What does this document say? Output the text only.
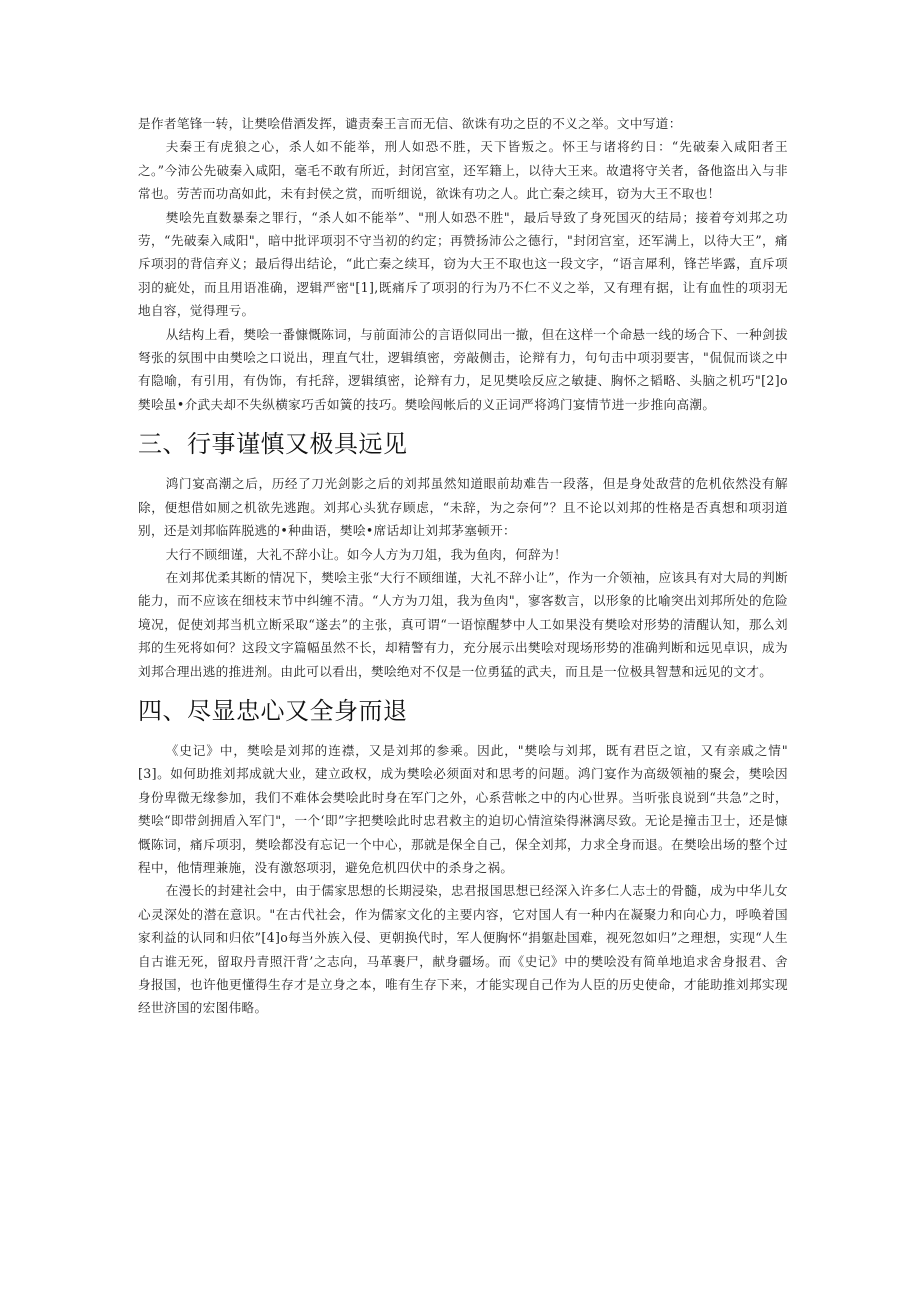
是作者笔锋一转，让樊哙借酒发挥，谴责秦王言而无信、欲诛有功之臣的不义之举。文中写道：

夫秦王有虎狼之心，杀人如不能举，刑人如恐不胜，天下皆叛之。怀王与诸将约日：“先破秦入咸阳者王之。”今沛公先破秦入咸阳，毫毛不敢有所近，封闭宫室，还军籍上，以待大王来。故遣将守关者，备他盗出入与非常也。劳苦而功高如此，未有封侯之赏，而听细说，欲诛有功之人。此亡秦之续耳，窃为大王不取也！

樊哙先直数暴秦之罪行，“杀人如不能举”、"刑人如恐不胜"，最后导致了身死国灭的结局；接着夸刘邦之功劳，“先破秦入咸阳"，暗中批评项羽不守当初的约定；再赞扬沛公之德行，"封闭宫室，还军满上，以待大王”，痛斥项羽的背信弃义；最后得出结论，“此亡秦之续耳，窃为大王不取也这一段文字，“语言犀利，锋芒毕露，直斥项羽的疵处，而且用语准确，逻辑严密"[1],既痛斥了项羽的行为乃不仁不义之举，又有理有据，让有血性的项羽无地自容，觉得理亏。

从结构上看，樊哙一番慷慨陈词，与前面沛公的言语似同出一撤，但在这样一个命悬一线的场合下、一种剑拔弩张的氛围中由樊哙之口说出，理直气壮，逻辑缜密，旁敲侧击，论辩有力，句句击中项羽要害，"侃侃而谈之中有隐喻，有引用，有伪饰，有托辞，逻辑缜密，论辩有力，足见樊哙反应之敏捷、胸怀之韬略、头脑之机巧"[2]o樊哙虽•介武夫却不失纵横家巧舌如簧的技巧。樊哙闯帐后的义正词严将鸿门宴情节进一步推向高潮。

三、行事谨慎又极具远见

鸿门宴高潮之后，历经了刀光剑影之后的刘邦虽然知道眼前劫难告一段落，但是身处敌营的危机依然没有解除，便想借如厕之机欲先逃跑。刘邦心头犹存顾虑，“未辞，为之奈何”？且不论以刘邦的性格是否真想和项羽道别，还是刘邦临阵脱逃的•种曲语，樊哙•席话却让刘邦茅塞顿开：

大行不顾细谨，大礼不辞小让。如今人方为刀俎，我为鱼肉，何辞为！

在刘邦优柔其断的情况下，樊哙主张“大行不顾细谨，大礼不辞小让”，作为一介领袖，应该具有对大局的判断能力，而不应该在细枝末节中纠缠不清。“人方为刀俎，我为鱼肉"，寥客数言，以形象的比喻突出刘邦所处的危险境况，促使刘邦当机立断采取“遂去”的主张，真可谓“一语惊醒梦中人工如果没有樊哙对形势的清醒认知，那么刘邦的生死将如何？这段文字篇幅虽然不长，却精警有力，充分展示出樊哙对现场形势的准确判断和远见卓识，成为刘邦合理出逃的推进剂。由此可以看出，樊哙绝对不仅是一位勇猛的武夫，而且是一位极具智慧和远见的文才。

四、尽显忠心又全身而退

《史记》中，樊哙是刘邦的连襟，又是刘邦的参乘。因此，"樊哙与刘邦，既有君臣之谊，又有亲戚之情"[3]。如何助推刘邦成就大业，建立政权，成为樊哙必须面对和思考的问题。鸿门宴作为高级领袖的聚会，樊哙因身份卑微无缘参加，我们不难体会樊哙此时身在军门之外，心系营帐之中的内心世界。当听张良说到“共急”之时，樊哙“即带剑拥盾入军门"，一个‘即”字把樊哙此时忠君救主的迫切心情渲染得淋漓尽致。无论是撞击卫士，还是慷慨陈词，痛斥项羽，樊哙都没有忘记一个中心，那就是保全自己，保全刘邦，力求全身而退。在樊哙出场的整个过程中，他情理兼施，没有激怒项羽，避免危机四伏中的杀身之祸。

在漫长的封建社会中，由于儒家思想的长期浸染，忠君报国思想已经深入许多仁人志士的骨髓，成为中华儿女心灵深处的潜在意识。"在古代社会，作为儒家文化的主要内容，它对国人有一种内在凝聚力和向心力，呼唤着国家利益的认同和归依”[4]o每当外族入侵、更朝换代时，军人便胸怀“捐躯赴国难，视死忽如归”之理想，实现“人生自古谁无死，留取丹青照汗背’之志向，马革裹尸，献身疆场。而《史记》中的樊哙没有简单地追求舍身报君、舍身报国，也许他更懂得生存才是立身之本，唯有生存下来，才能实现自己作为人臣的历史使命，才能助推刘邦实现经世济国的宏图伟略。
